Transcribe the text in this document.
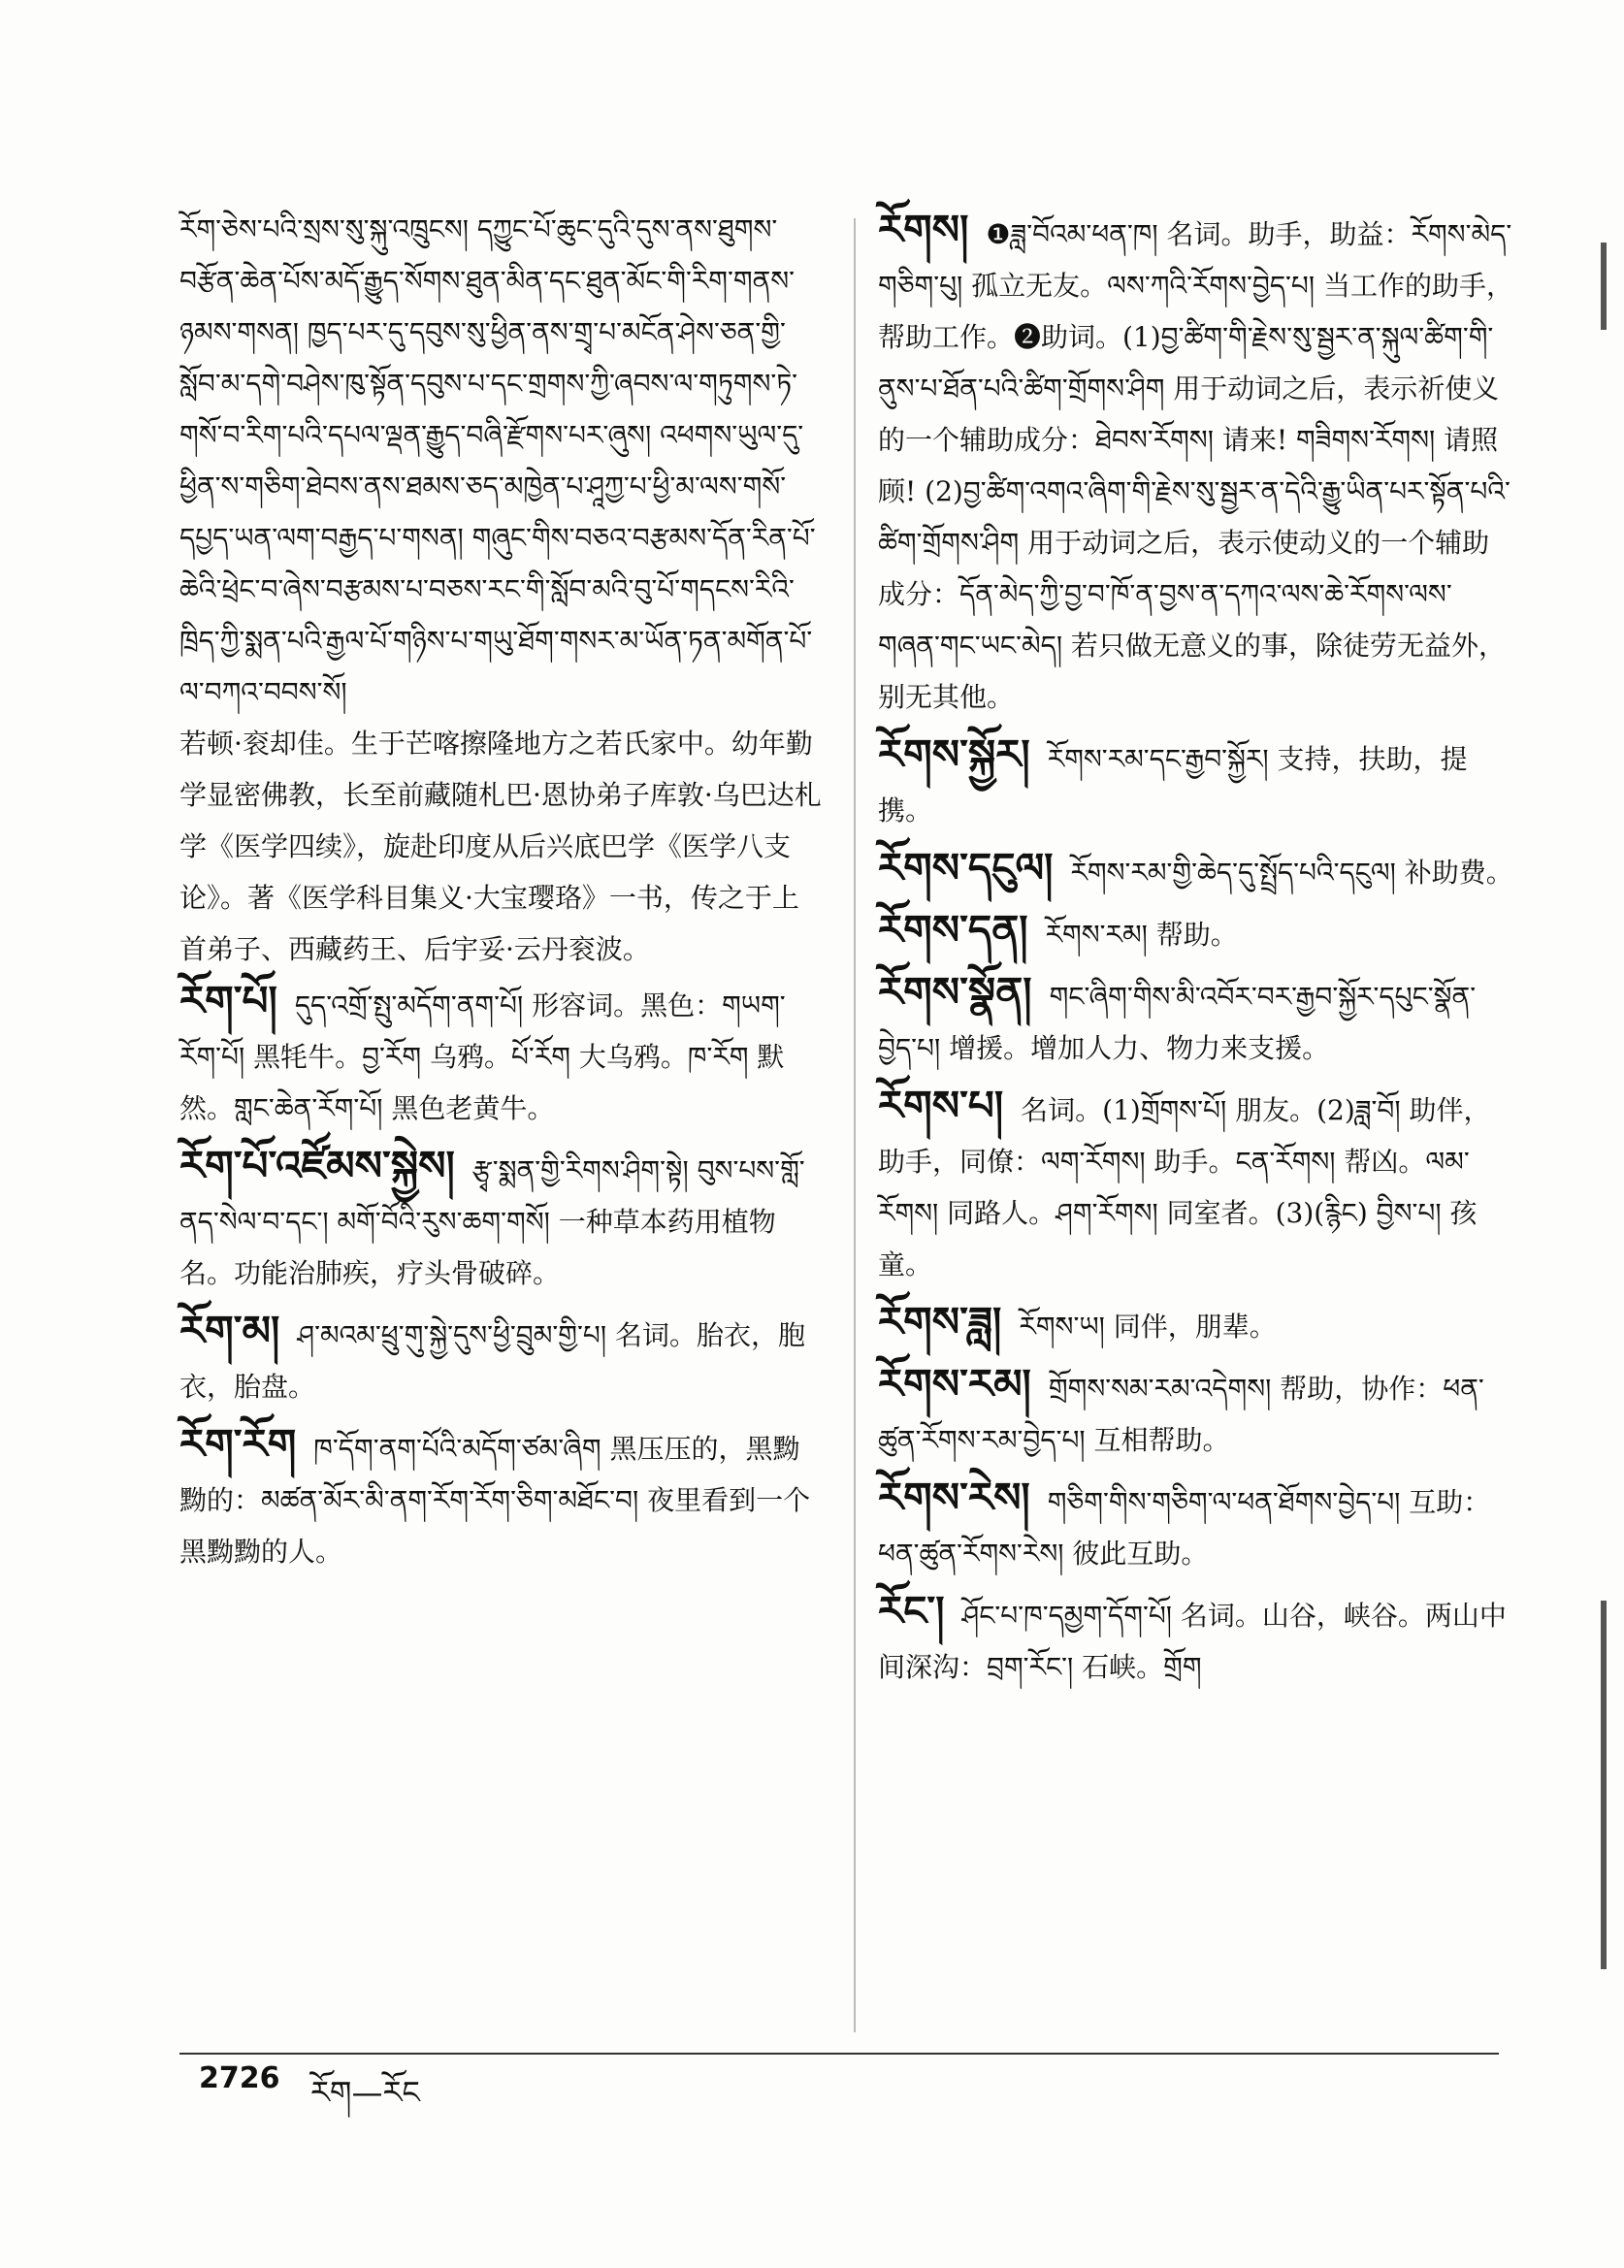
ཪོག་ཅེས་པའི་སྲས་སུ་སྐུ་འཁྲུངས། དཀྱུང་པོ་ཆུང་དུའི་དུས་ནས་ཐུགས་བརྩོན་ཆེན་པོས་མདོ་རྒྱུད་སོགས་ཐུན་མིན་དང་ཐུན་མོང་གི་རིག་གནས་ཉམས་གསན། ཁྱད་པར་དུ་དབུས་སུ་ཕྱིན་ནས་གྲྭ་པ་མངོན་ཤེས་ཅན་གྱི་སློབ་མ་དགེ་བཤེས་ཁུ་སྟོན་དབུས་པ་དང་གྲགས་ཀྱི་ཞབས་ལ་གཏུགས་ཏེ་གསོ་བ་རིག་པའི་དཔལ་ལྡན་རྒྱུད་བཞི་རྫོགས་པར་ཞུས། འཕགས་ཡུལ་དུ་ཕྱིན་ས་གཅིག་ཐེབས་ནས་ཐམས་ཅད་མཁྱེན་པ་ཤཱཀྱ་པ་ཕྱི་མ་ལས་གསོ་དཔྱད་ཡན་ལག་བརྒྱད་པ་གསན། གཞུང་གིས་བཅའ་བརྩམས་དོན་རིན་པོ་ཆེའི་ཕྲེང་བ་ཞེས་བརྩམས་པ་བཅས་རང་གི་སློབ་མའི་བུ་པོ་གདངས་རིའི་ཁྲིད་ཀྱི་སྨན་པའི་རྒྱལ་པོ་གཉིས་པ་གཡུ་ཐོག་གསར་མ་ཡོན་ཏན་མགོན་པོ་ལ་བཀའ་བབས་སོ།
若顿·衮却佳。生于芒喀擦隆地方之若氏家中。幼年勤学显密佛教，长至前藏随札巴·恩协弟子库敦·乌巴达札学《医学四续》，旋赴印度从后兴底巴学《医学八支论》。著《医学科目集义·大宝璎珞》一书，传之于上首弟子、西藏药王、后宇妥·云丹衮波。
རོག་པོ། དུད་འགྲོ་སྤུ་མདོག་ནག་པོ། 形容词。黑色：གཡག་རོག་པོ། 黑牦牛。བྱ་རོག 乌鸦。པོ་རོག 大乌鸦。ཁ་རོག 默然。གླང་ཆེན་རོག་པོ། 黑色老黄牛。
རོག་པོ་འཛོམས་སྐྱེས། རྩྭ་སྨན་གྱི་རིགས་ཤིག་སྟེ། བུས་པས་གློ་ནད་སེལ་བ་དང་། མགོ་བོའི་རུས་ཆག་གསོ། 一种草本药用植物名。功能治肺疾，疗头骨破碎。
རོག་མ། ཤ་མའམ་ཕྲུ་གུ་སྐྱེ་དུས་ཕྱི་བྲུམ་གྱི་པ། 名词。胎衣，胞衣，胎盘。
རོག་རོག ཁ་དོག་ནག་པོའི་མདོག་ཙམ་ཞིག 黑压压的，黑黝黝的：མཚན་མོར་མི་ནག་རོག་རོག་ཅིག་མཐོང་བ། 夜里看到一个黑黝黝的人。
རོགས། ❶ཟླ་བོའམ་ཕན་ཁ། 名词。助手，助益：རོགས་མེད་གཅིག་པུ། 孤立无友。ལས་ཀའི་རོགས་བྱེད་པ། 当工作的助手，帮助工作。❷助词。(1)བྱ་ཚིག་གི་རྗེས་སུ་སྦྱར་ན་སྐུལ་ཚིག་གི་ནུས་པ་ཐོན་པའི་ཚིག་གྲོགས་ཤིག 用于动词之后，表示祈使义的一个辅助成分：ཐེབས་རོགས། 请来! གཟིགས་རོགས། 请照顾! (2)བྱ་ཚིག་འགའ་ཞིག་གི་རྗེས་སུ་སྦྱར་ན་དེའི་རྒྱུ་ཡིན་པར་སྟོན་པའི་ཚིག་གྲོགས་ཤིག 用于动词之后，表示使动义的一个辅助成分：དོན་མེད་ཀྱི་བྱ་བ་ཁོ་ན་བྱས་ན་དཀའ་ལས་ཆེ་རོགས་ལས་གཞན་གང་ཡང་མེད། 若只做无意义的事，除徒劳无益外，别无其他。
རོགས་སྐྱོར། རོགས་རམ་དང་རྒྱབ་སྐྱོར། 支持，扶助，提携。
རོགས་དངུལ། རོགས་རམ་གྱི་ཆེད་དུ་སྤྲོད་པའི་དངུལ། 补助费。
རོགས་དན། རོགས་རམ། 帮助。
རོགས་སྣོན། གང་ཞིག་གིས་མི་འབོར་བར་རྒྱབ་སྐྱོར་དཔུང་སྣོན་བྱེད་པ། 增援。增加人力、物力来支援。
རོགས་པ། 名词。(1)གྲོགས་པོ། 朋友。(2)ཟླ་བོ། 助伴，助手，同僚：ལག་རོགས། 助手。ངན་རོགས། 帮凶。ལམ་རོགས། 同路人。ཤག་རོགས། 同室者。(3)(རྙིང) བྱིས་པ། 孩童。
རོགས་ཟླ། རོགས་ཡ། 同伴，朋辈。
རོགས་རམ། གྲོགས་སམ་རམ་འདེགས། 帮助，协作：ཕན་ཚུན་རོགས་རམ་བྱེད་པ། 互相帮助。
རོགས་རེས། གཅིག་གིས་གཅིག་ལ་ཕན་ཐོགས་བྱེད་པ། 互助：ཕན་ཚུན་རོགས་རེས། 彼此互助。
རོང་། ཤོང་པ་ཁ་དམྱག་དོག་པོ། 名词。山谷，峡谷。两山中间深沟：བྲག་རོང་། 石峡。གྲོག
2726 རོག—རོང
